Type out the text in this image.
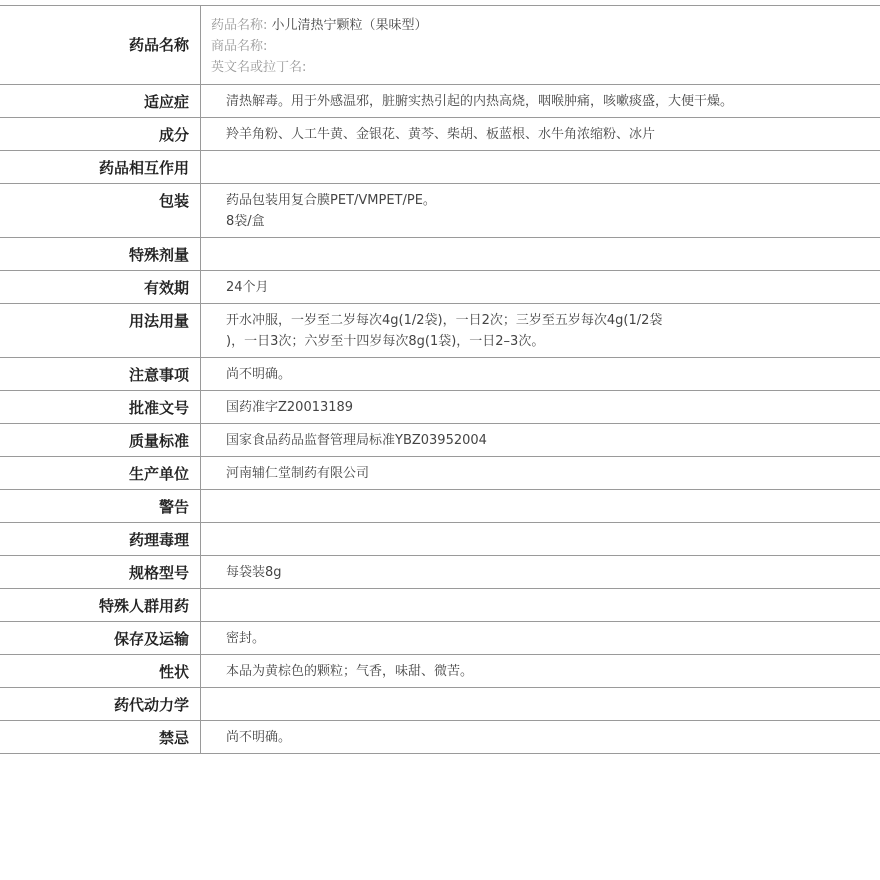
药品名称	药品名称: 小儿清热宁颗粒（果味型）
商品名称:
英文名或拉丁名:

适应症	清热解毒。用于外感温邪，脏腑实热引起的内热高烧，咽喉肿痛，咳嗽痰盛，大便干燥。

成分	羚羊角粉、人工牛黄、金银花、黄芩、柴胡、板蓝根、水牛角浓缩粉、冰片

药品相互作用	

包装	药品包装用复合膜PET/VMPET/PE。
8袋/盒

特殊剂量	

有效期	24个月

用法用量	开水冲服，一岁至二岁每次4g(1/2袋)，一日2次；三岁至五岁每次4g(1/2袋
)，一日3次；六岁至十四岁每次8g(1袋)，一日2–3次。

注意事项	尚不明确。

批准文号	国药准字Z20013189

质量标准	国家食品药品监督管理局标准YBZ03952004

生产单位	河南辅仁堂制药有限公司

警告	

药理毒理	

规格型号	每袋装8g

特殊人群用药	

保存及运输	密封。

性状	本品为黄棕色的颗粒；气香，味甜、微苦。

药代动力学	

禁忌	尚不明确。
